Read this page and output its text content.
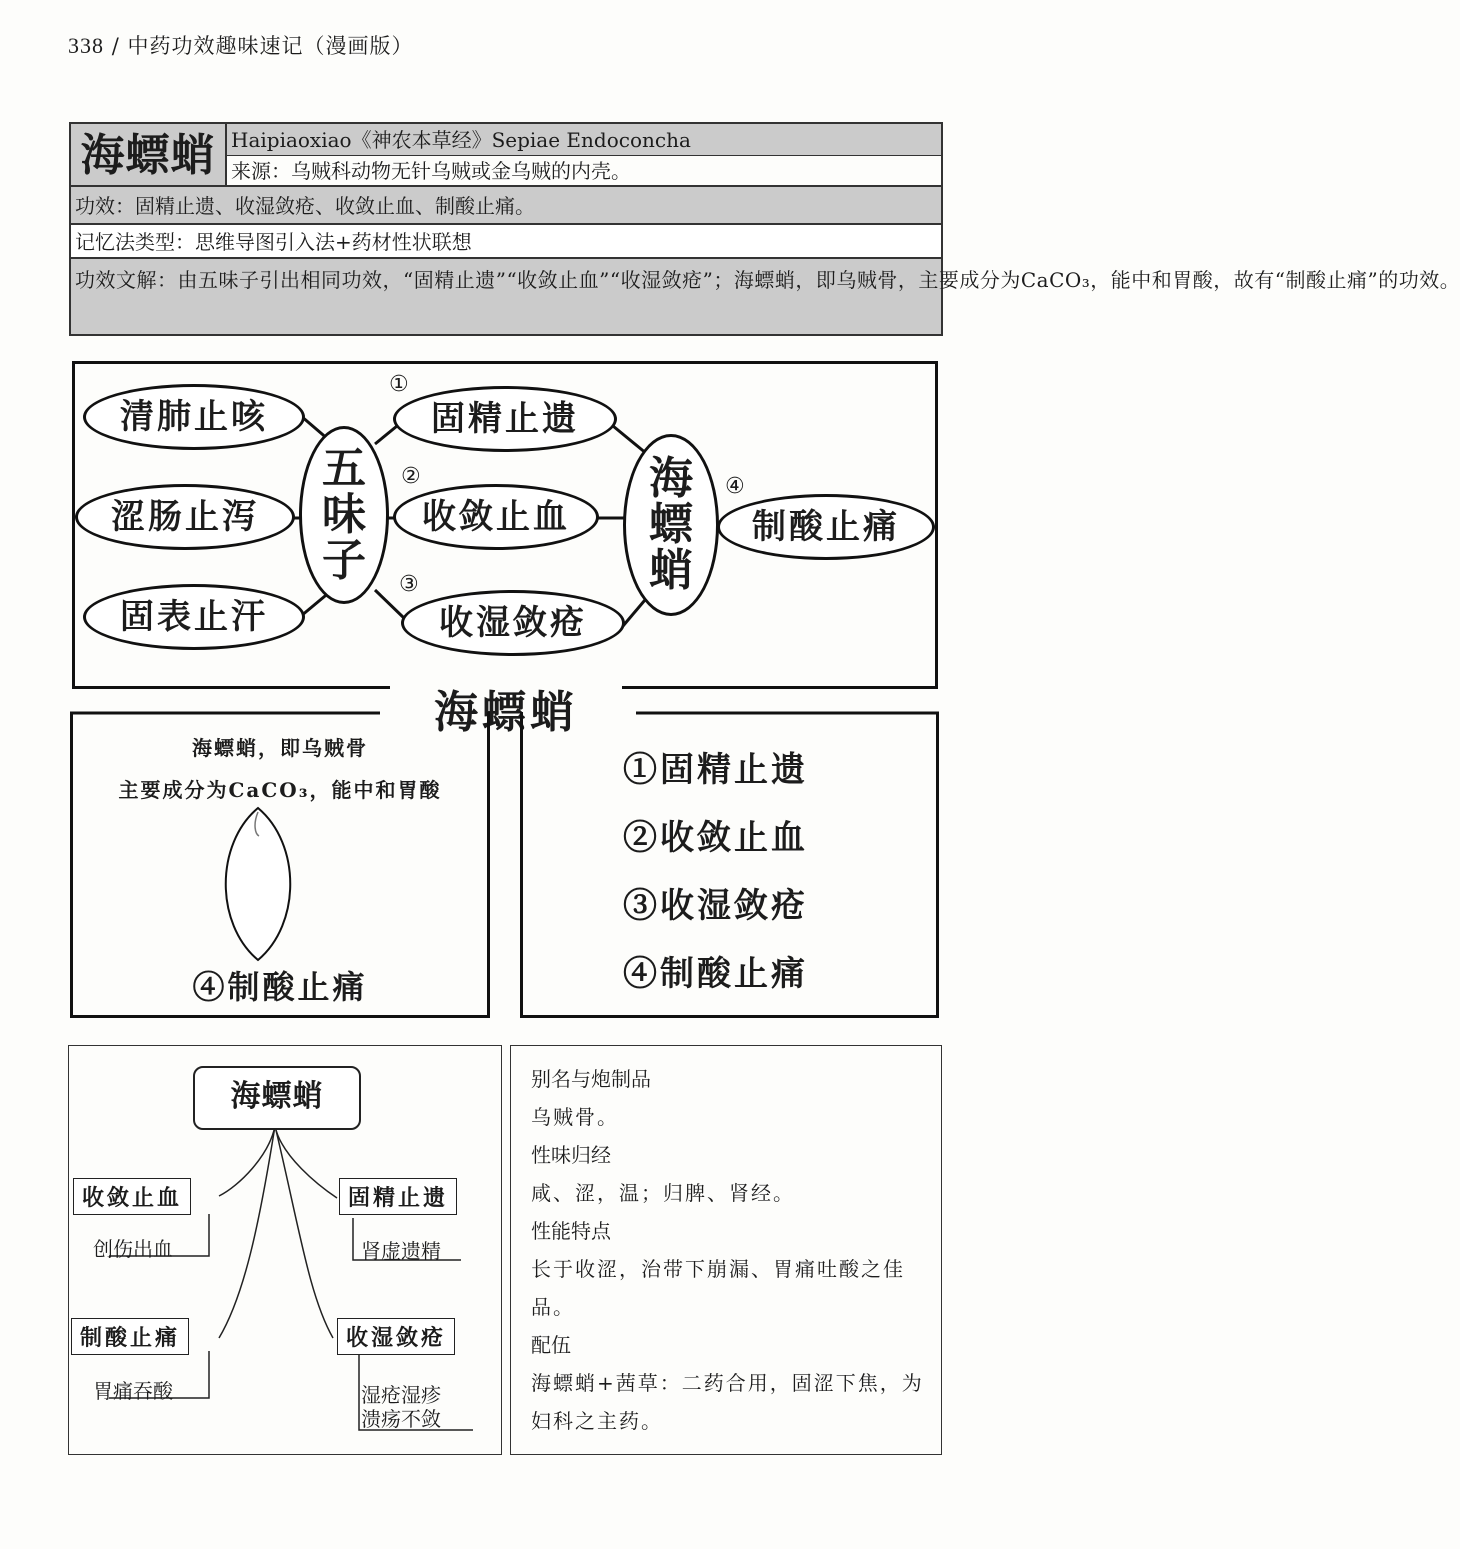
338 / 中药功效趣味速记（漫画版）
海螵蛸 Haipiaoxiao《神农本草经》Sepiae Endoconcha
来源：乌贼科动物无针乌贼或金乌贼的内壳。
功效：固精止遗、收湿敛疮、收敛止血、制酸止痛。
记忆法类型：思维导图引入法+药材性状联想
功效文解：由五味子引出相同功效，“固精止遗”“收敛止血”“收湿敛疮”；海螵蛸，即乌贼骨，主要成分为CaCO₃，能中和胃酸，故有“制酸止痛”的功效。
清肺止咳
涩肠止泻
固表止汗
五
味
子
①
②
③
④
固精止遗
收敛止血
收湿敛疮
海
螵
蛸
制酸止痛
海螵蛸
海螵蛸，即乌贼骨
主要成分为CaCO₃，能中和胃酸
④制酸止痛
①固精止遗
②收敛止血
③收湿敛疮
④制酸止痛
海螵蛸
收敛止血
创伤出血
固精止遗
肾虚遗精
制酸止痛
胃痛吞酸
收湿敛疮
湿疮湿疹
溃疡不敛
别名与炮制品
乌贼骨。
性味归经
咸、涩，温；归脾、肾经。
性能特点
长于收涩，治带下崩漏、胃痛吐酸之佳品。
配伍
海螵蛸+茜草：二药合用，固涩下焦，为妇科之主药。
